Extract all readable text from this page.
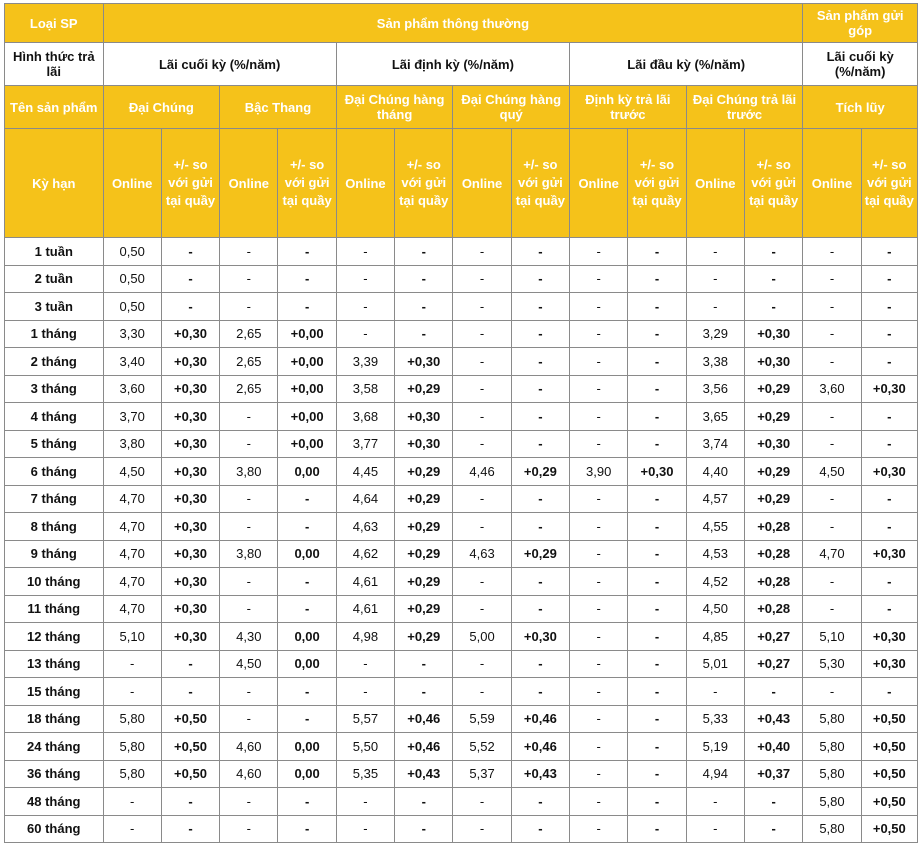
Loại SP	Sản phẩm thông thường												Sản phẩm gửi góp	
Hình thức trả lãi	Lãi cuối kỳ (%/năm)				Lãi định kỳ (%/năm)				Lãi đầu kỳ (%/năm)				Lãi cuối kỳ (%/năm)	
Tên sản phẩm	Đại Chúng		Bậc Thang		Đại Chúng hàng tháng		Đại Chúng hàng quý		Định kỳ trả lãi trước		Đại Chúng trả lãi trước		Tích lũy	
Kỳ hạn	Online	+/- so với gửi tại quầy	Online	+/- so với gửi tại quầy	Online	+/- so với gửi tại quầy	Online	+/- so với gửi tại quầy	Online	+/- so với gửi tại quầy	Online	+/- so với gửi tại quầy	Online	+/- so với gửi tại quầy
1 tuần	0,50	-	-	-	-	-	-	-	-	-	-	-	-	-
2 tuần	0,50	-	-	-	-	-	-	-	-	-	-	-	-	-
3 tuần	0,50	-	-	-	-	-	-	-	-	-	-	-	-	-
1 tháng	3,30	+0,30	2,65	+0,00	-	-	-	-	-	-	3,29	+0,30	-	-
2 tháng	3,40	+0,30	2,65	+0,00	3,39	+0,30	-	-	-	-	3,38	+0,30	-	-
3 tháng	3,60	+0,30	2,65	+0,00	3,58	+0,29	-	-	-	-	3,56	+0,29	3,60	+0,30
4 tháng	3,70	+0,30	-	+0,00	3,68	+0,30	-	-	-	-	3,65	+0,29	-	-
5 tháng	3,80	+0,30	-	+0,00	3,77	+0,30	-	-	-	-	3,74	+0,30	-	-
6 tháng	4,50	+0,30	3,80	0,00	4,45	+0,29	4,46	+0,29	3,90	+0,30	4,40	+0,29	4,50	+0,30
7 tháng	4,70	+0,30	-	-	4,64	+0,29	-	-	-	-	4,57	+0,29	-	-
8 tháng	4,70	+0,30	-	-	4,63	+0,29	-	-	-	-	4,55	+0,28	-	-
9 tháng	4,70	+0,30	3,80	0,00	4,62	+0,29	4,63	+0,29	-	-	4,53	+0,28	4,70	+0,30
10 tháng	4,70	+0,30	-	-	4,61	+0,29	-	-	-	-	4,52	+0,28	-	-
11 tháng	4,70	+0,30	-	-	4,61	+0,29	-	-	-	-	4,50	+0,28	-	-
12 tháng	5,10	+0,30	4,30	0,00	4,98	+0,29	5,00	+0,30	-	-	4,85	+0,27	5,10	+0,30
13 tháng	-	-	4,50	0,00	-	-	-	-	-	-	5,01	+0,27	5,30	+0,30
15 tháng	-	-	-	-	-	-	-	-	-	-	-	-	-	-
18 tháng	5,80	+0,50	-	-	5,57	+0,46	5,59	+0,46	-	-	5,33	+0,43	5,80	+0,50
24 tháng	5,80	+0,50	4,60	0,00	5,50	+0,46	5,52	+0,46	-	-	5,19	+0,40	5,80	+0,50
36 tháng	5,80	+0,50	4,60	0,00	5,35	+0,43	5,37	+0,43	-	-	4,94	+0,37	5,80	+0,50
48 tháng	-	-	-	-	-	-	-	-	-	-	-	-	5,80	+0,50
60 tháng	-	-	-	-	-	-	-	-	-	-	-	-	5,80	+0,50
